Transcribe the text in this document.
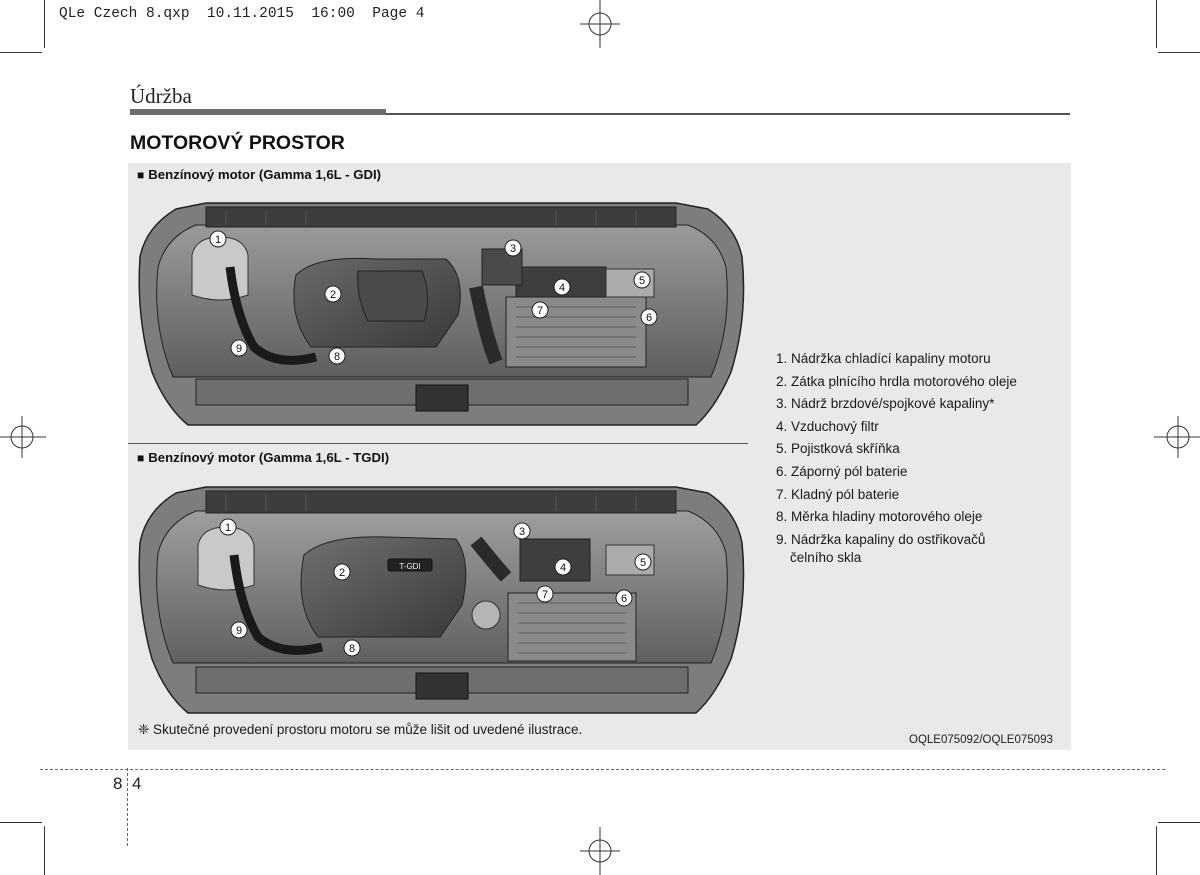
QLe Czech 8.qxp  10.11.2015  16:00  Page 4
Údržba
MOTOROVÝ PROSTOR
■ Benzínový motor (Gamma 1,6L - GDI)
1
2
3
4
5
6
7
8
9
■ Benzínový motor (Gamma 1,6L - TGDI)
T-GDI
1
2
3
4	5
6
7
8
9
1. Nádržka chladící kapaliny motoru
2. Zátka plnícího hrdla motorového oleje
3. Nádrž brzdové/spojkové kapaliny*
4. Vzduchový filtr
5. Pojistková skříňka
6. Záporný pól baterie
7. Kladný pól baterie
8. Měrka hladiny motorového oleje
9. Nádržka kapaliny do ostřikovačů
čelního skla
❈ Skutečné provedení prostoru motoru se může lišit od uvedené ilustrace.
OQLE075092/OQLE075093
8 4
